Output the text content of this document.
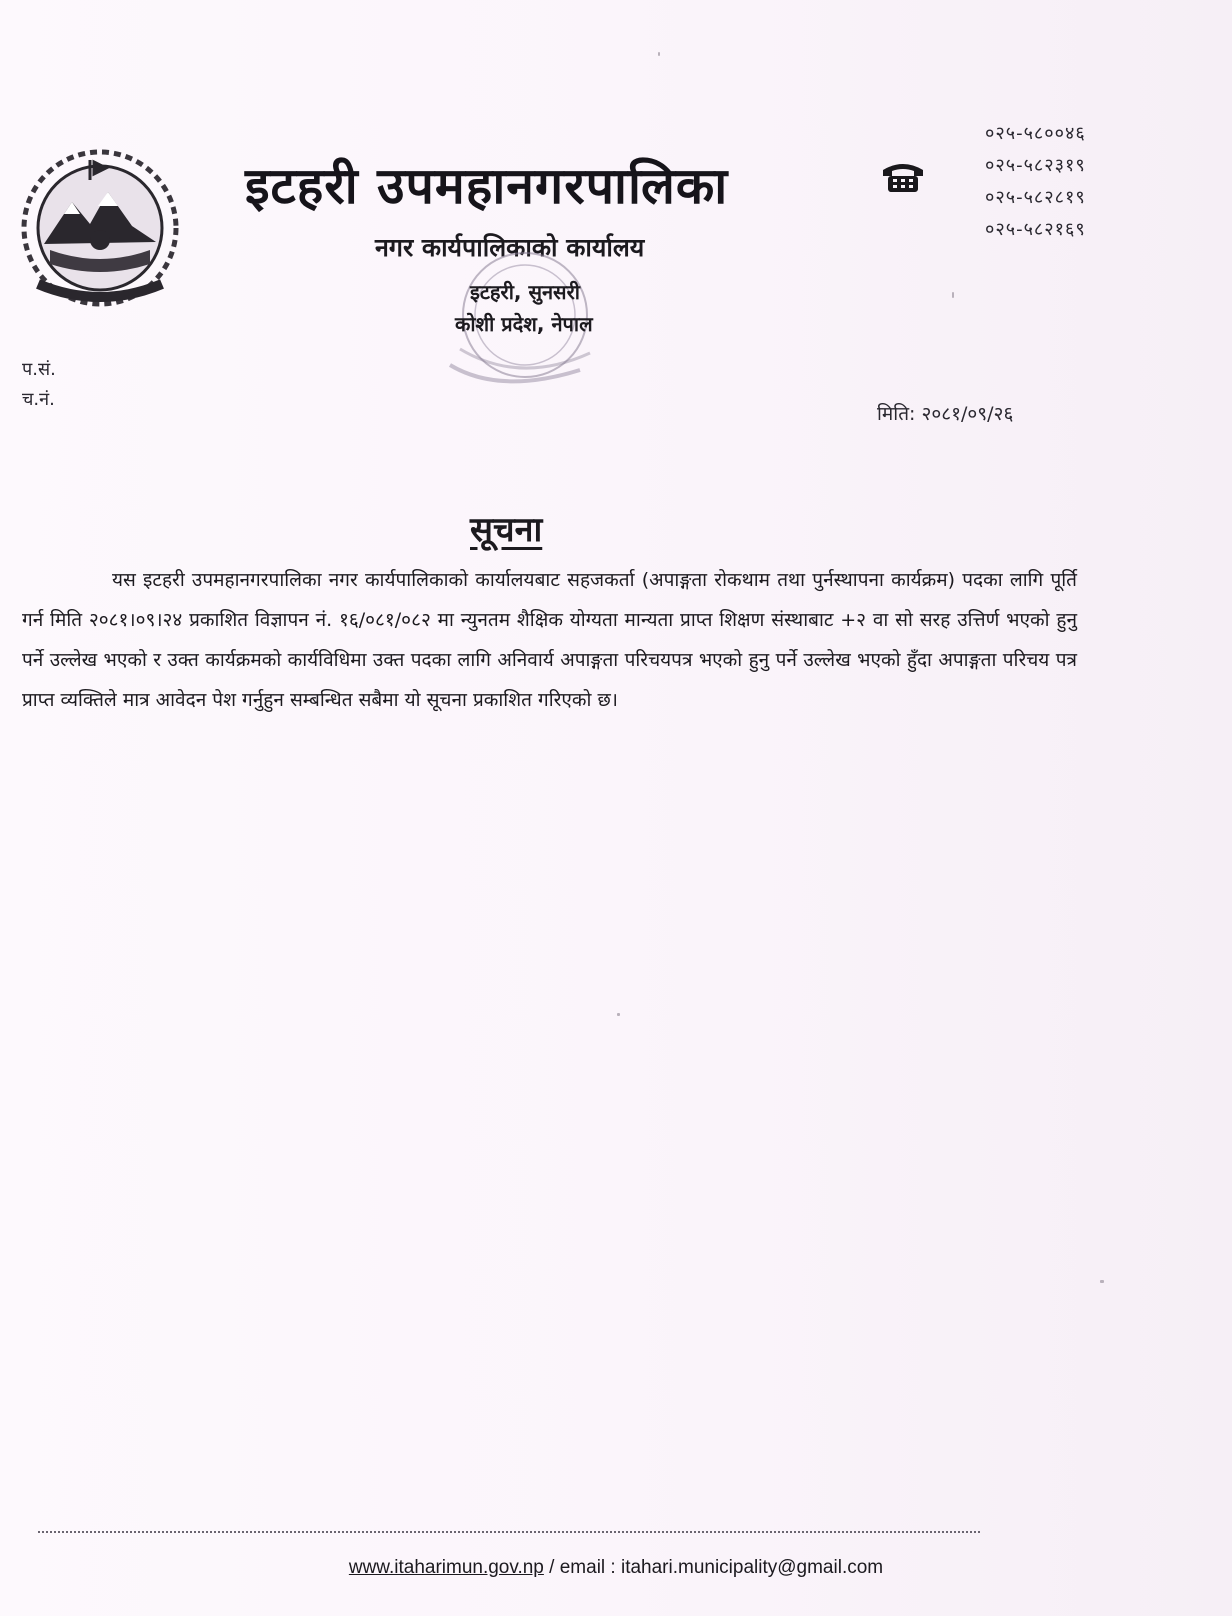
इटहरी उपमहानगरपालिका
नगर कार्यपालिकाको कार्यालय
इटहरी, सुनसरी
कोशी प्रदेश, नेपाल
०२५-५८००४६
०२५-५८२३१९
०२५-५८२८१९
०२५-५८२१६९
प.सं.
च.नं.
मिति: २०८१/०९/२६
सूचना

यस इटहरी उपमहानगरपालिका नगर कार्यपालिकाको कार्यालयबाट सहजकर्ता (अपाङ्गता रोकथाम तथा पुर्नस्थापना कार्यक्रम) पदका लागि पूर्ति गर्न मिति २०८१।०९।२४ प्रकाशित विज्ञापन नं. १६/०८१/०८२ मा न्युनतम शैक्षिक योग्यता मान्यता प्राप्त शिक्षण संस्थाबाट +२ वा सो सरह उत्तिर्ण भएको हुनु पर्ने उल्लेख भएको र उक्त कार्यक्रमको कार्यविधिमा उक्त पदका लागि अनिवार्य अपाङ्गता परिचयपत्र भएको हुनु पर्ने उल्लेख भएको हुँदा अपाङ्गता परिचय पत्र प्राप्त व्यक्तिले मात्र आवेदन पेश गर्नुहुन सम्बन्धित सबैमा यो सूचना प्रकाशित गरिएको छ।

www.itaharimun.gov.np / email : itahari.municipality@gmail.com
